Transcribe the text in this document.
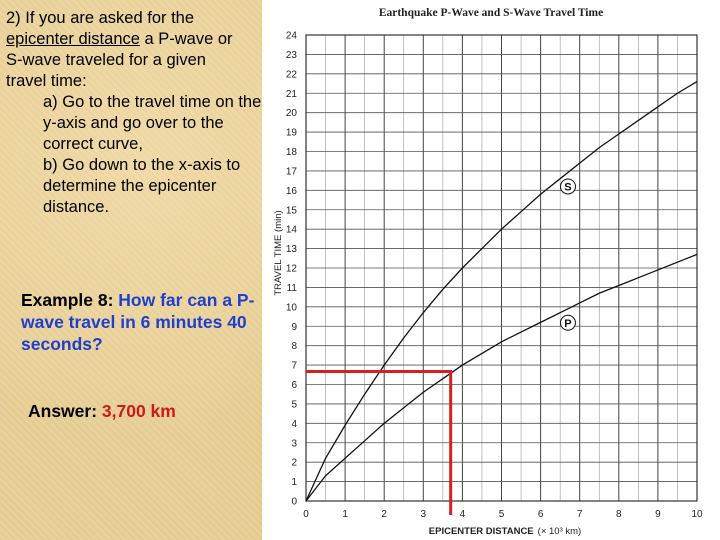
2) If you are asked for the

epicenter distance a P-wave or

S-wave traveled for a given

travel time:

a) Go to the travel time on the y-axis and go over to the correct curve,

b) Go down to the x-axis to determine the epicenter distance.

Example 8: How far can a P-wave travel in 6 minutes 40 seconds?
Answer: 3,700 km
Earthquake P-Wave and S-Wave Travel Time
S
P
0	1	2	3	4	5	6	7	8	9	10
0
1
2
3
4
5
6
7
8
9
10
11
12
13
14
15
16
17
18
19
20
21
22
23
24
EPICENTER DISTANCE (× 10³ km)
TRAVEL TIME (min)
